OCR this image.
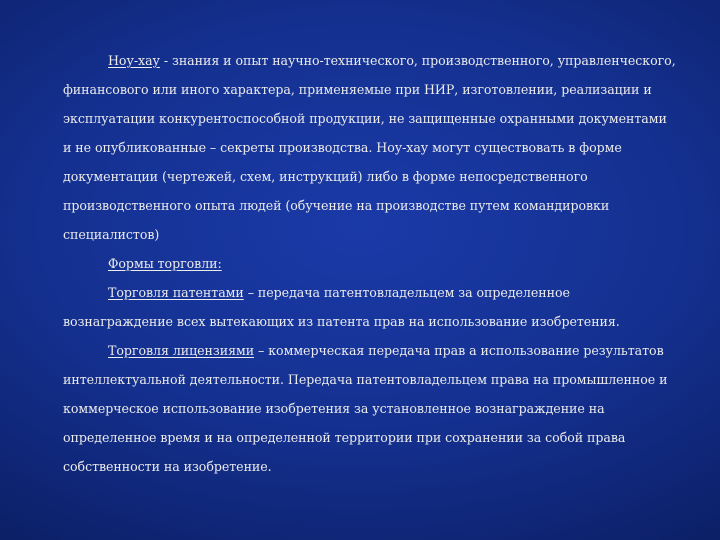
Ноу-хау - знания и опыт научно-технического, производственного, управленческого, финансового или иного характера, применяемые при НИР, изготовлении, реализации и эксплуатации конкурентоспособной продукции, не защищенные охранными документами и не опубликованные – секреты производства. Ноу-хау могут существовать в форме документации (чертежей, схем, инструкций) либо в форме непосредственного производственного опыта людей (обучение на производстве путем командировки специалистов)

Формы торговли:

Торговля патентами – передача патентовладельцем за определенное вознаграждение всех вытекающих из патента прав на использование изобретения.

Торговля лицензиями – коммерческая передача прав а использование результатов интеллектуальной деятельности. Передача патентовладельцем права на промышленное и коммерческое использование изобретения за установленное вознаграждение на определенное время и на определенной территории при сохранении за собой права собственности на изобретение.
